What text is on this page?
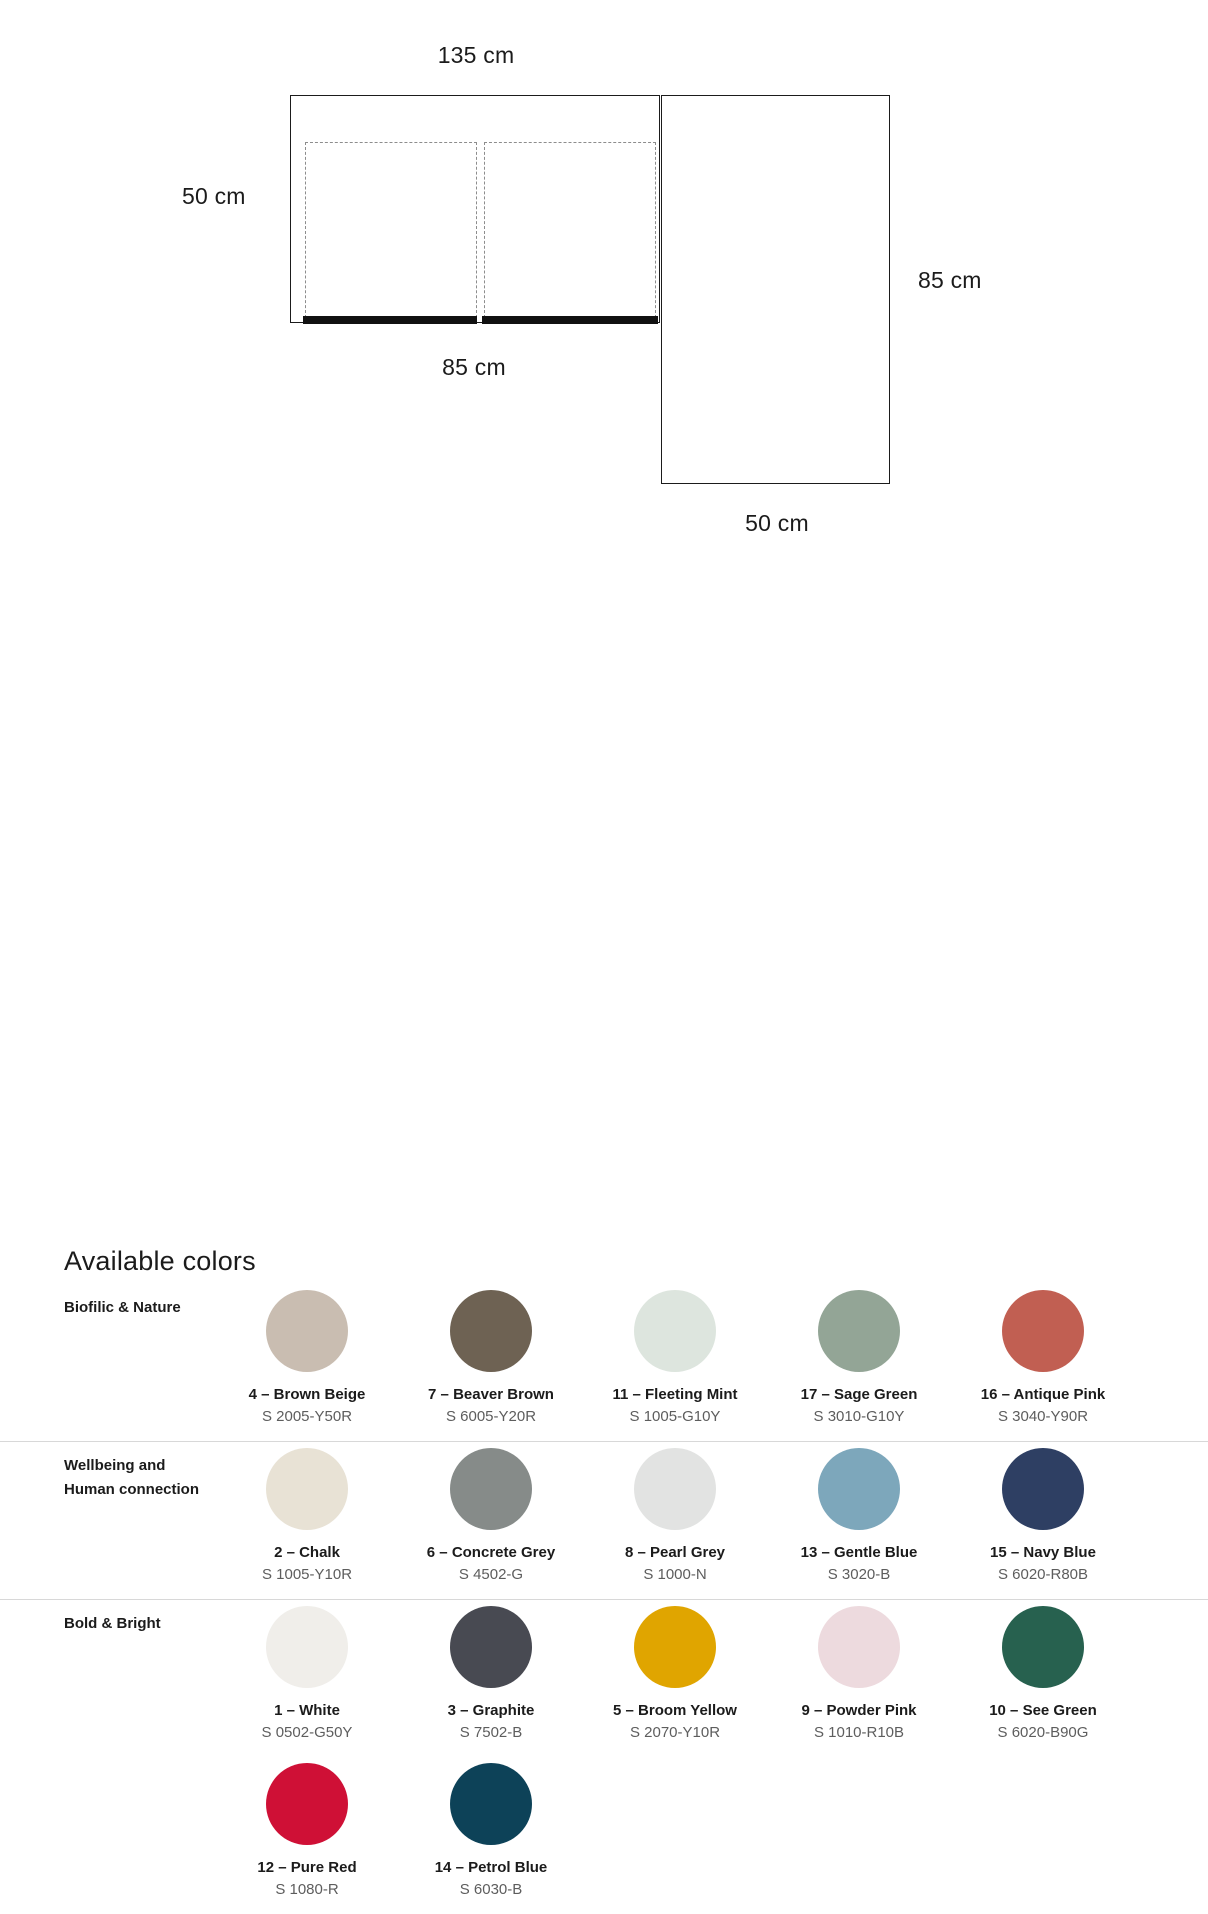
135 cm
50 cm
85 cm
85 cm
50 cm
Available colors
Biofilic & Nature
4 – Brown Beige
S 2005-Y50R
7 – Beaver Brown
S 6005-Y20R
11 – Fleeting Mint
S 1005-G10Y
17 – Sage Green
S 3010-G10Y
16 – Antique Pink
S 3040-Y90R
Wellbeing and Human connection
2 – Chalk
S 1005-Y10R
6 – Concrete Grey
S 4502-G
8 – Pearl Grey
S 1000-N
13 – Gentle Blue
S 3020-B
15 – Navy Blue
S 6020-R80B
Bold & Bright
1 – White
S 0502-G50Y
3 – Graphite
S 7502-B
5 – Broom Yellow
S 2070-Y10R
9 – Powder Pink
S 1010-R10B
10 – See Green
S 6020-B90G
12 – Pure Red
S 1080-R
14 – Petrol Blue
S 6030-B
